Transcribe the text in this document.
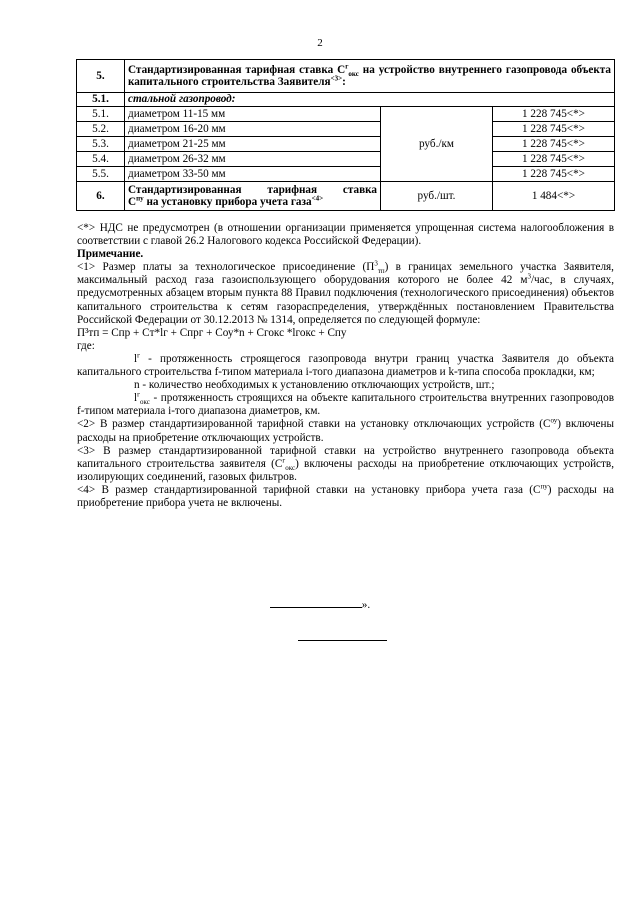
2
5.	Стандартизированная тарифная ставка $C^г_{окс}$ на устройство внутреннего газопровода объекта капитального строительства Заявителя$^{<3>}$:		
5.1.	стальной газопровод:		
5.1.	диаметром 11-15 мм	руб./км	1 228 745<*>
5.2.	диаметром 16-20 мм		1 228 745<*>
5.3.	диаметром 21-25 мм		1 228 745<*>
5.4.	диаметром 26-32 мм		1 228 745<*>
5.5.	диаметром 33-50 мм		1 228 745<*>
6.	Стандартизированная тарифная ставка
$C^{пу}$ на установку прибора учета газа$^{<4>}$	руб./шт.	1 484<*>

<*> НДС не предусмотрен (в отношении организации применяется упрощенная система налогообложения в соответствии с главой 26.2 Налогового кодекса Российской Федерации).

Примечание.

<1> Размер платы за технологическое присоединение $(П^3_{тп})$ в границах земельного участка Заявителя, максимальный расход газа газоиспользующего оборудования которого не более 42 $м^3$/час, в случаях, предусмотренных абзацем вторым пункта 88 Правил подключения (технологического присоединения) объектов капитального строительства к сетям газораспределения, утверждённых постановлением Правительства Российской Федерации от 30.12.2013 № 1314, определяется по следующей формуле:

П³тп = Cпр + Cт*lг + Cпрг + Cоу*n + Cгокс *lгокс + Cпу

где:

$l^г$ - протяженность строящегося газопровода внутри границ участка Заявителя до объекта капитального строительства f-типом материала i-того диапазона диаметров и k-типа способа прокладки, км;

n - количество необходимых к установлению отключающих устройств, шт.;

$l^г_{окс}$ - протяженность строящихся на объекте капитального строительства внутренних газопроводов f-типом материала i-того диапазона диаметров, км.

<2> В размер стандартизированной тарифной ставки на установку отключающих устройств $(C^{оу})$ включены расходы на приобретение отключающих устройств.

<3> В размер стандартизированной тарифной ставки на устройство внутреннего газопровода объекта капитального строительства заявителя $(C^г_{окс})$ включены расходы на приобретение отключающих устройств, изолирующих соединений, газовых фильтров.

<4> В размер стандартизированной тарифной ставки на установку прибора учета газа $(C^{пу})$ расходы на приобретение прибора учета не включены.

».
